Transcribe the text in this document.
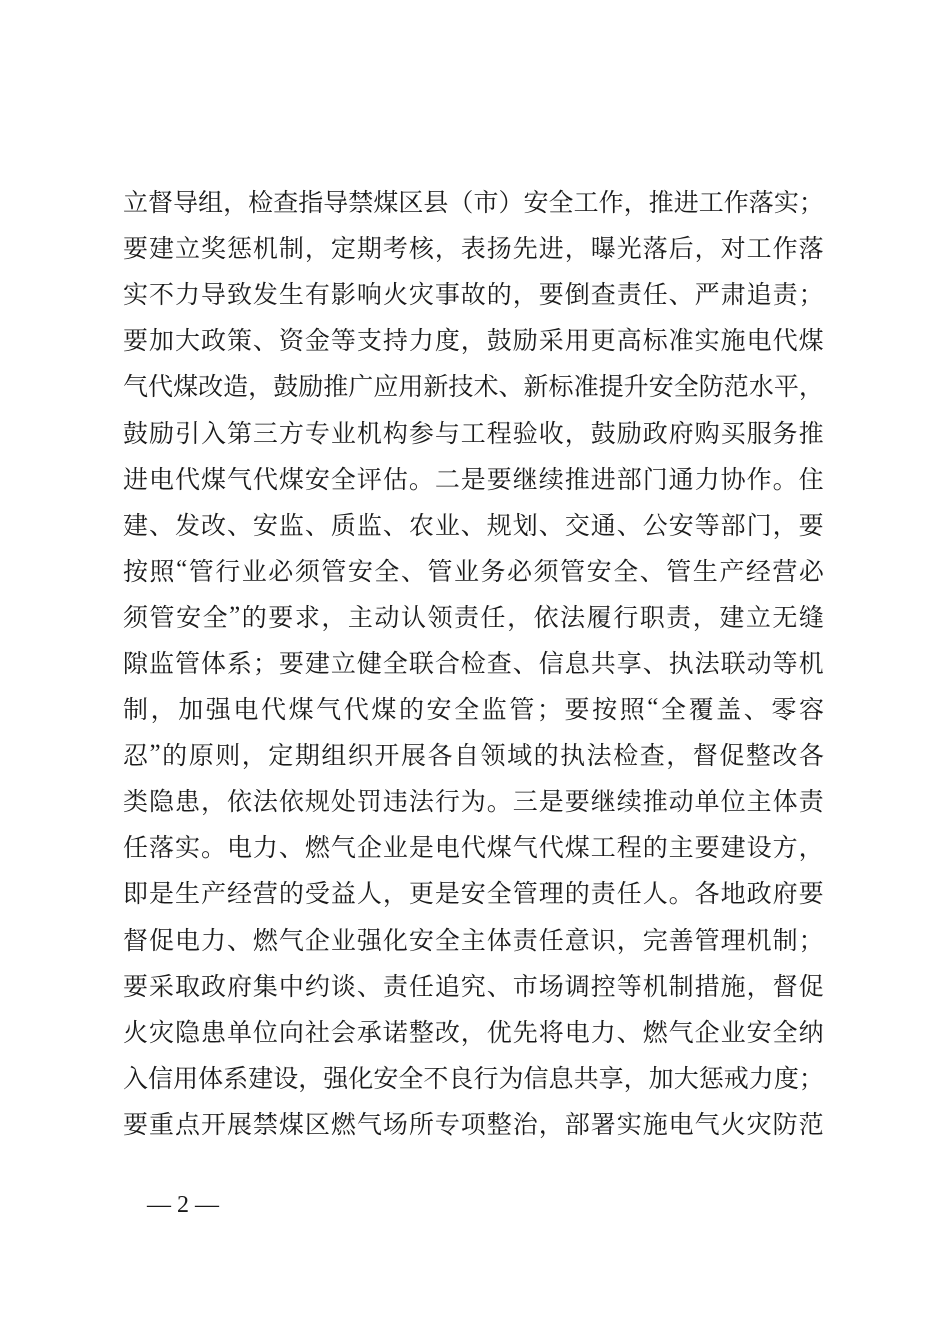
立 督 导 组 ， 检 查 指 导 禁 煤 区 县 （ 市 ） 安 全 工 作 ， 推 进 工 作 落 实 ；
要 建 立 奖 惩 机 制 ， 定 期 考 核 ， 表 扬 先 进 ， 曝 光 落 后 ， 对 工 作 落
实 不 力 导 致 发 生 有 影 响 火 灾 事 故 的 ， 要 倒 查 责 任 、 严 肃 追 责 ；
要 加 大 政 策 、 资 金 等 支 持 力 度 ， 鼓 励 采 用 更 高 标 准 实 施 电 代 煤
气 代 煤 改 造 ， 鼓 励 推 广 应 用 新 技 术 、 新 标 准 提 升 安 全 防 范 水 平 ，
鼓 励 引 入 第 三 方 专 业 机 构 参 与 工 程 验 收 ， 鼓 励 政 府 购 买 服 务 推
进 电 代 煤 气 代 煤 安 全 评 估 。 二 是 要 继 续 推 进 部 门 通 力 协 作 。 住
建 、 发 改 、 安 监 、 质 监 、 农 业 、 规 划 、 交 通 、 公 安 等 部 门 ， 要
按 照 “ 管 行 业 必 须 管 安 全 、 管 业 务 必 须 管 安 全 、 管 生 产 经 营 必
须 管 安 全 ” 的 要 求 ， 主 动 认 领 责 任 ， 依 法 履 行 职 责 ， 建 立 无 缝
隙 监 管 体 系 ； 要 建 立 健 全 联 合 检 查 、 信 息 共 享 、 执 法 联 动 等 机
制 ， 加 强 电 代 煤 气 代 煤 的 安 全 监 管 ； 要 按 照 “ 全 覆 盖 、 零 容
忍 ” 的 原 则 ， 定 期 组 织 开 展 各 自 领 域 的 执 法 检 查 ， 督 促 整 改 各
类 隐 患 ， 依 法 依 规 处 罚 违 法 行 为 。 三 是 要 继 续 推 动 单 位 主 体 责
任 落 实 。 电 力 、 燃 气 企 业 是 电 代 煤 气 代 煤 工 程 的 主 要 建 设 方 ，
即 是 生 产 经 营 的 受 益 人 ， 更 是 安 全 管 理 的 责 任 人 。 各 地 政 府 要
督 促 电 力 、 燃 气 企 业 强 化 安 全 主 体 责 任 意 识 ， 完 善 管 理 机 制 ；
要 采 取 政 府 集 中 约 谈 、 责 任 追 究 、 市 场 调 控 等 机 制 措 施 ， 督 促
火 灾 隐 患 单 位 向 社 会 承 诺 整 改 ， 优 先 将 电 力 、 燃 气 企 业 安 全 纳
入 信 用 体 系 建 设 ， 强 化 安 全 不 良 行 为 信 息 共 享 ， 加 大 惩 戒 力 度 ；
要 重 点 开 展 禁 煤 区 燃 气 场 所 专 项 整 治 ， 部 署 实 施 电 气 火 灾 防 范
— 2 —
